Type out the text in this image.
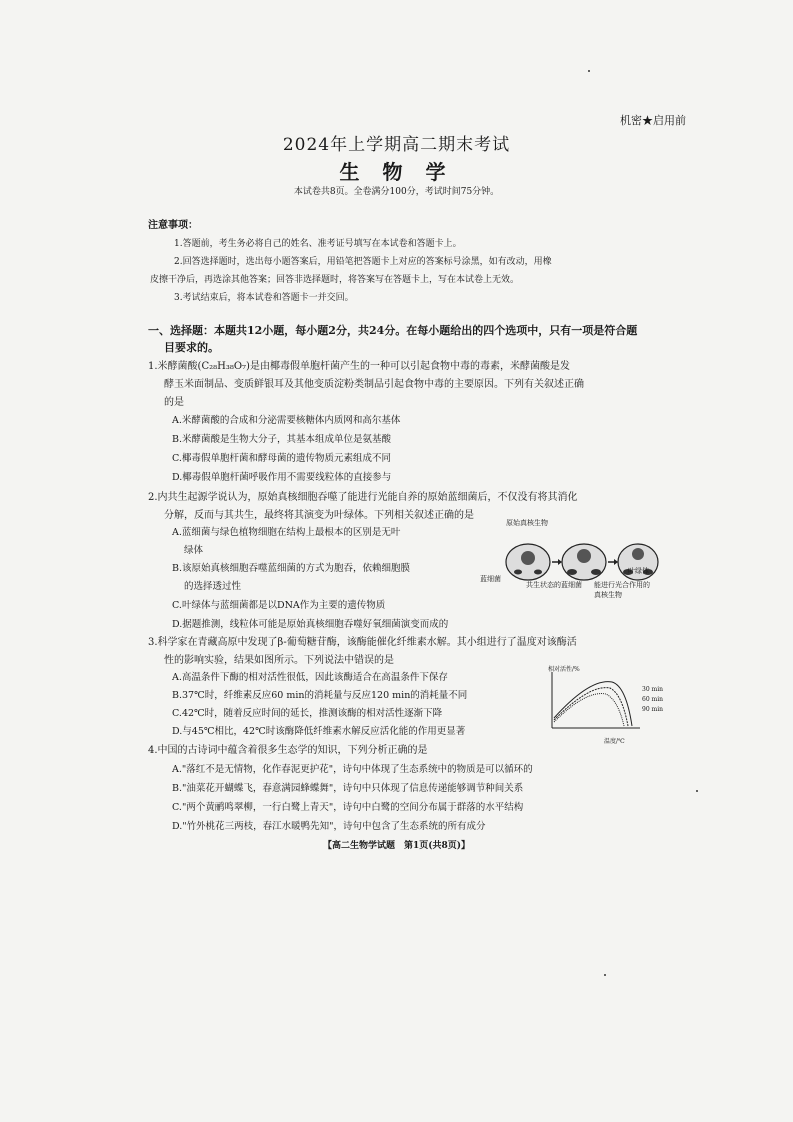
机密★启用前
2024年上学期高二期末考试
生 物 学
本试卷共8页。全卷满分100分，考试时间75分钟。
注意事项：
1.答题前，考生务必将自己的姓名、准考证号填写在本试卷和答题卡上。
2.回答选择题时，选出每小题答案后，用铅笔把答题卡上对应的答案标号涂黑，如有改动，用橡
皮擦干净后，再选涂其他答案；回答非选择题时，将答案写在答题卡上，写在本试卷上无效。
3.考试结束后，将本试卷和答题卡一并交回。
一、选择题：本题共12小题，每小题2分，共24分。在每小题给出的四个选项中，只有一项是符合题
目要求的。
1.米酵菌酸(C₂₈H₃₈O₇)是由椰毒假单胞杆菌产生的一种可以引起食物中毒的毒素，米酵菌酸是发
酵玉米面制品、变质鲜银耳及其他变质淀粉类制品引起食物中毒的主要原因。下列有关叙述正确
的是
A.米酵菌酸的合成和分泌需要核糖体内质网和高尔基体
B.米酵菌酸是生物大分子，其基本组成单位是氨基酸
C.椰毒假单胞杆菌和酵母菌的遗传物质元素组成不同
D.椰毒假单胞杆菌呼吸作用不需要线粒体的直接参与
2.内共生起源学说认为，原始真核细胞吞噬了能进行光能自养的原始蓝细菌后，不仅没有将其消化
分解，反而与其共生，最终将其演变为叶绿体。下列相关叙述正确的是
A.蓝细菌与绿色植物细胞在结构上最根本的区别是无叶
绿体
B.该原始真核细胞吞噬蓝细菌的方式为胞吞，依赖细胞膜
的选择透过性
C.叶绿体与蓝细菌都是以DNA作为主要的遗传物质
D.据题推测，线粒体可能是原始真核细胞吞噬好氧细菌演变而成的
原始真核生物
蓝细菌
共生状态的蓝细菌
叶绿体
能进行光合作用的真核生物
3.科学家在青藏高原中发现了β-葡萄糖苷酶，该酶能催化纤维素水解。其小组进行了温度对该酶活
性的影响实验，结果如图所示。下列说法中错误的是
A.高温条件下酶的相对活性很低，因此该酶适合在高温条件下保存
B.37℃时，纤维素反应60 min的消耗量与反应120 min的消耗量不同
C.42℃时，随着反应时间的延长，推测该酶的相对活性逐渐下降
D.与45℃相比，42℃时该酶降低纤维素水解反应活化能的作用更显著
相对活性/%
温度/℃
30 min
60 min
90 min
4.中国的古诗词中蕴含着很多生态学的知识，下列分析正确的是
A."落红不是无情物，化作春泥更护花"，诗句中体现了生态系统中的物质是可以循环的
B."油菜花开蝴蝶飞，春意满园蜂蝶舞"，诗句中只体现了信息传递能够调节种间关系
C."两个黄鹂鸣翠柳，一行白鹭上青天"，诗句中白鹭的空间分布属于群落的水平结构
D."竹外桃花三两枝，春江水暖鸭先知"，诗句中包含了生态系统的所有成分
【高二生物学试题　第1页(共8页)】
